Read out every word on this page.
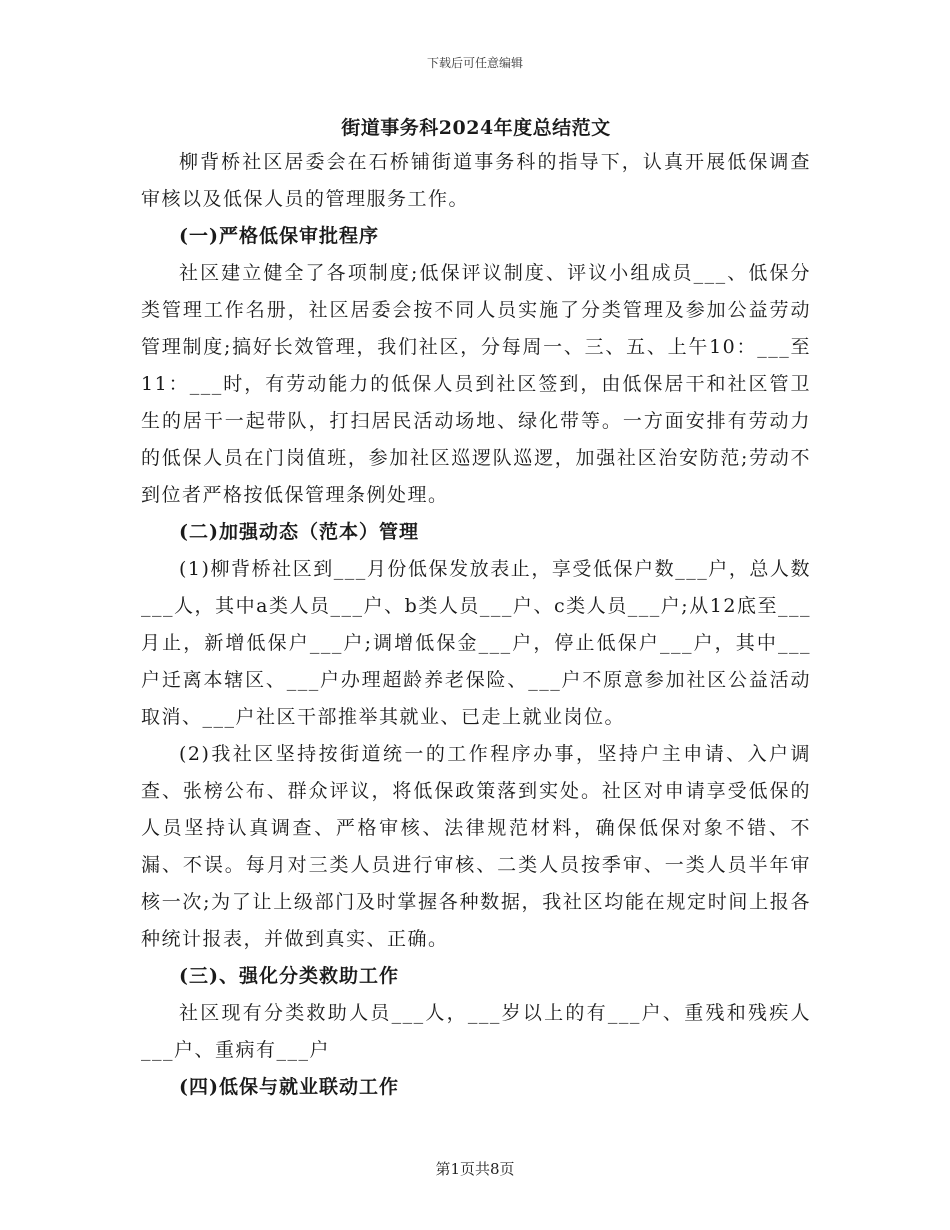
下载后可任意编辑
街道事务科2024年度总结范文

柳背桥社区居委会在石桥铺街道事务科的指导下，认真开展低保调查审核以及低保人员的管理服务工作。

(一)严格低保审批程序

社区建立健全了各项制度;低保评议制度、评议小组成员___、低保分类管理工作名册，社区居委会按不同人员实施了分类管理及参加公益劳动管理制度;搞好长效管理，我们社区，分每周一、三、五、上午10：___至11：___时，有劳动能力的低保人员到社区签到，由低保居干和社区管卫生的居干一起带队，打扫居民活动场地、绿化带等。一方面安排有劳动力的低保人员在门岗值班，参加社区巡逻队巡逻，加强社区治安防范;劳动不到位者严格按低保管理条例处理。

(二)加强动态（范本）管理

(1)柳背桥社区到___月份低保发放表止，享受低保户数___户，总人数___人，其中a类人员___户、b类人员___户、c类人员___户;从12底至___月止，新增低保户___户;调增低保金___户，停止低保户___户，其中___户迁离本辖区、___户办理超龄养老保险、___户不原意参加社区公益活动取消、___户社区干部推举其就业、已走上就业岗位。

(2)我社区坚持按街道统一的工作程序办事，坚持户主申请、入户调查、张榜公布、群众评议，将低保政策落到实处。社区对申请享受低保的人员坚持认真调查、严格审核、法律规范材料，确保低保对象不错、不漏、不误。每月对三类人员进行审核、二类人员按季审、一类人员半年审核一次;为了让上级部门及时掌握各种数据，我社区均能在规定时间上报各种统计报表，并做到真实、正确。

(三)、强化分类救助工作

社区现有分类救助人员___人，___岁以上的有___户、重残和残疾人___户、重病有___户

(四)低保与就业联动工作

第1页共8页
